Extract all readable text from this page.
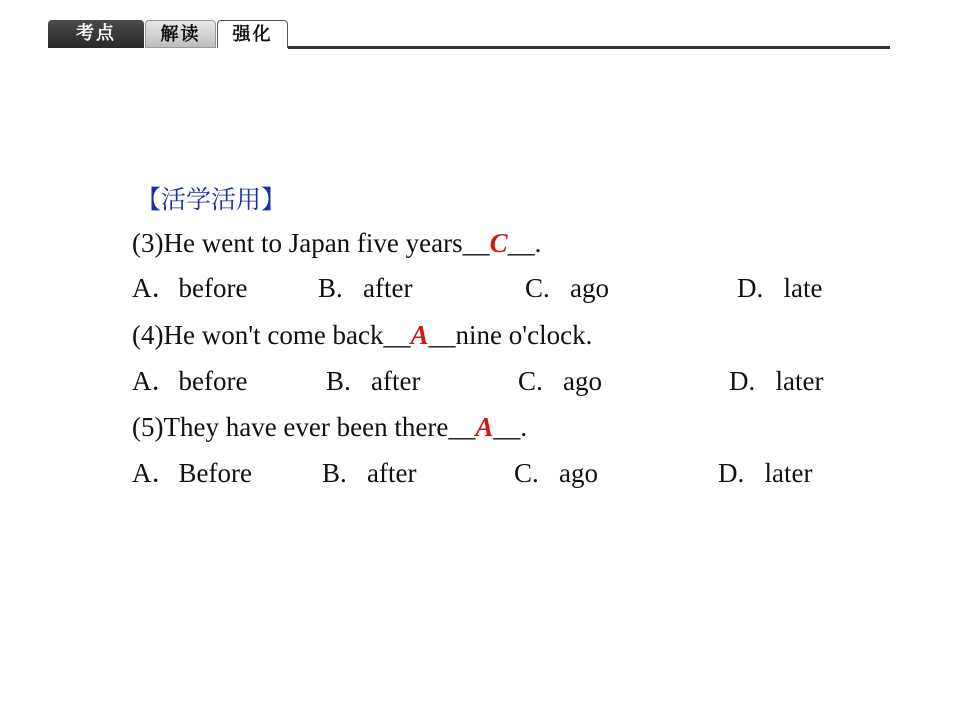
考点	解读	强化
【活学活用】
(3)He went to Japan five years__C__.
A．before	B.   after	C.   ago	D.   late
(4)He won't come back__A__nine o'clock.
A．before	B.   after	C.   ago	D.   later
(5)They have ever been there__A__.
A．Before	B.   after	C.   ago	D.   later
